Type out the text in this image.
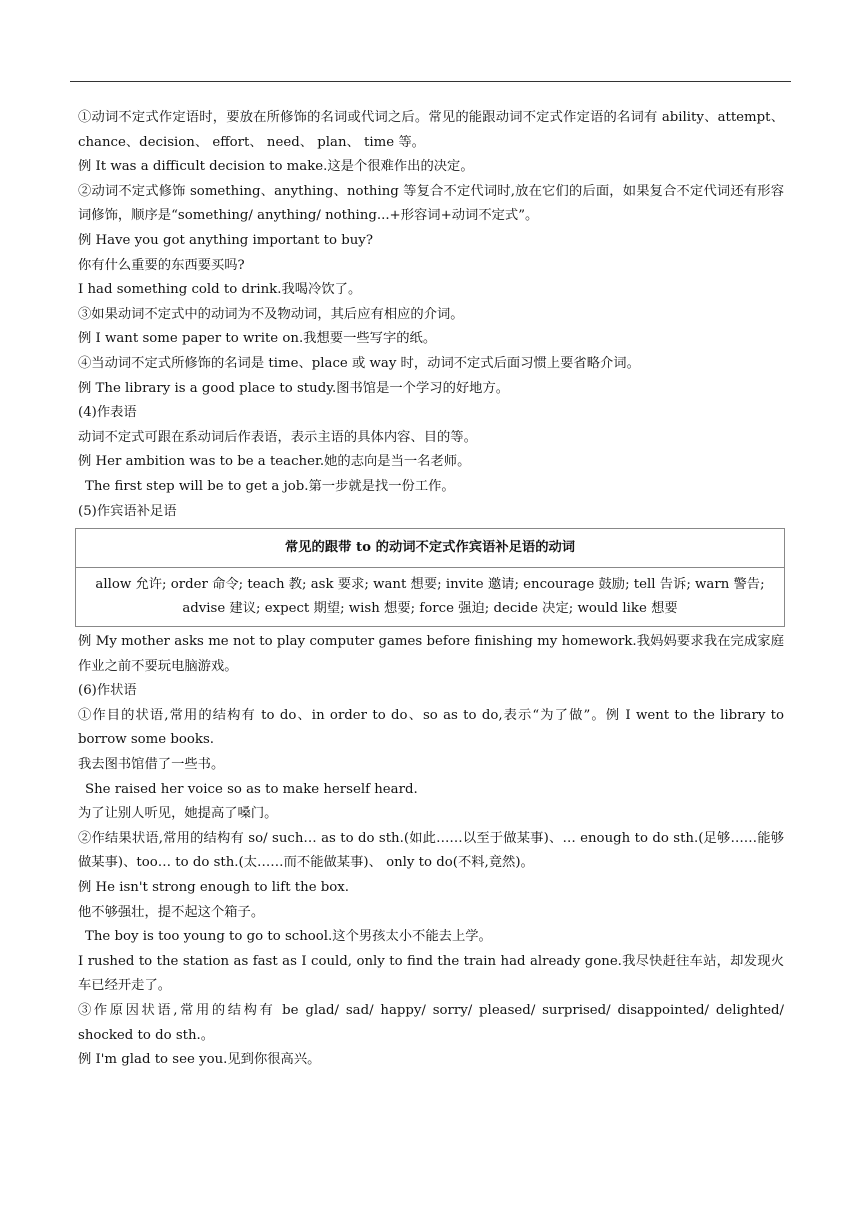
①动词不定式作定语时，要放在所修饰的名词或代词之后。常见的能跟动词不定式作定语的名词有 ability、attempt、chance、decision、 effort、 need、 plan、 time 等。

例 It was a difficult decision to make.这是个很难作出的决定。

②动词不定式修饰 something、anything、nothing 等复合不定代词时,放在它们的后面，如果复合不定代词还有形容词修饰，顺序是“something/ anything/ nothing...+形容词+动词不定式”。

例 Have you got anything important to buy?

你有什么重要的东西要买吗?

I had something cold to drink.我喝冷饮了。

③如果动词不定式中的动词为不及物动词，其后应有相应的介词。

例 I want some paper to write on.我想要一些写字的纸。

④当动词不定式所修饰的名词是 time、place 或 way 时，动词不定式后面习惯上要省略介词。

例 The library is a good place to study.图书馆是一个学习的好地方。

(4)作表语

动词不定式可跟在系动词后作表语，表示主语的具体内容、目的等。

例 Her ambition was to be a teacher.她的志向是当一名老师。

The first step will be to get a job.第一步就是找一份工作。

(5)作宾语补足语

常见的跟带 to 的动词不定式作宾语补足语的动词
allow 允许; order 命令; teach 教; ask 要求; want 想要; invite 邀请; encourage 鼓励; tell 告诉; warn 警告; advise 建议; expect 期望; wish 想要; force 强迫; decide 决定; would like 想要

例 My mother asks me not to play computer games before finishing my homework.我妈妈要求我在完成家庭作业之前不要玩电脑游戏。

(6)作状语

①作目的状语,常用的结构有 to do、in order to do、so as to do,表示“为了做”。例 I went to the library to borrow some books.

我去图书馆借了一些书。

She raised her voice so as to make herself heard.

为了让别人听见，她提高了嗓门。

②作结果状语,常用的结构有 so/ such… as to do sth.(如此……以至于做某事)、… enough to do sth.(足够……能够做某事)、too… to do sth.(太……而不能做某事)、 only to do(不料,竟然)。

例 He isn't strong enough to lift the box.

他不够强壮，提不起这个箱子。

The boy is too young to go to school.这个男孩太小不能去上学。

I rushed to the station as fast as I could, only to find the train had already gone.我尽快赶往车站，却发现火车已经开走了。

③作原因状语,常用的结构有 be glad/ sad/ happy/ sorry/ pleased/ surprised/ disappointed/ delighted/ shocked to do sth.。

例 I'm glad to see you.见到你很高兴。
